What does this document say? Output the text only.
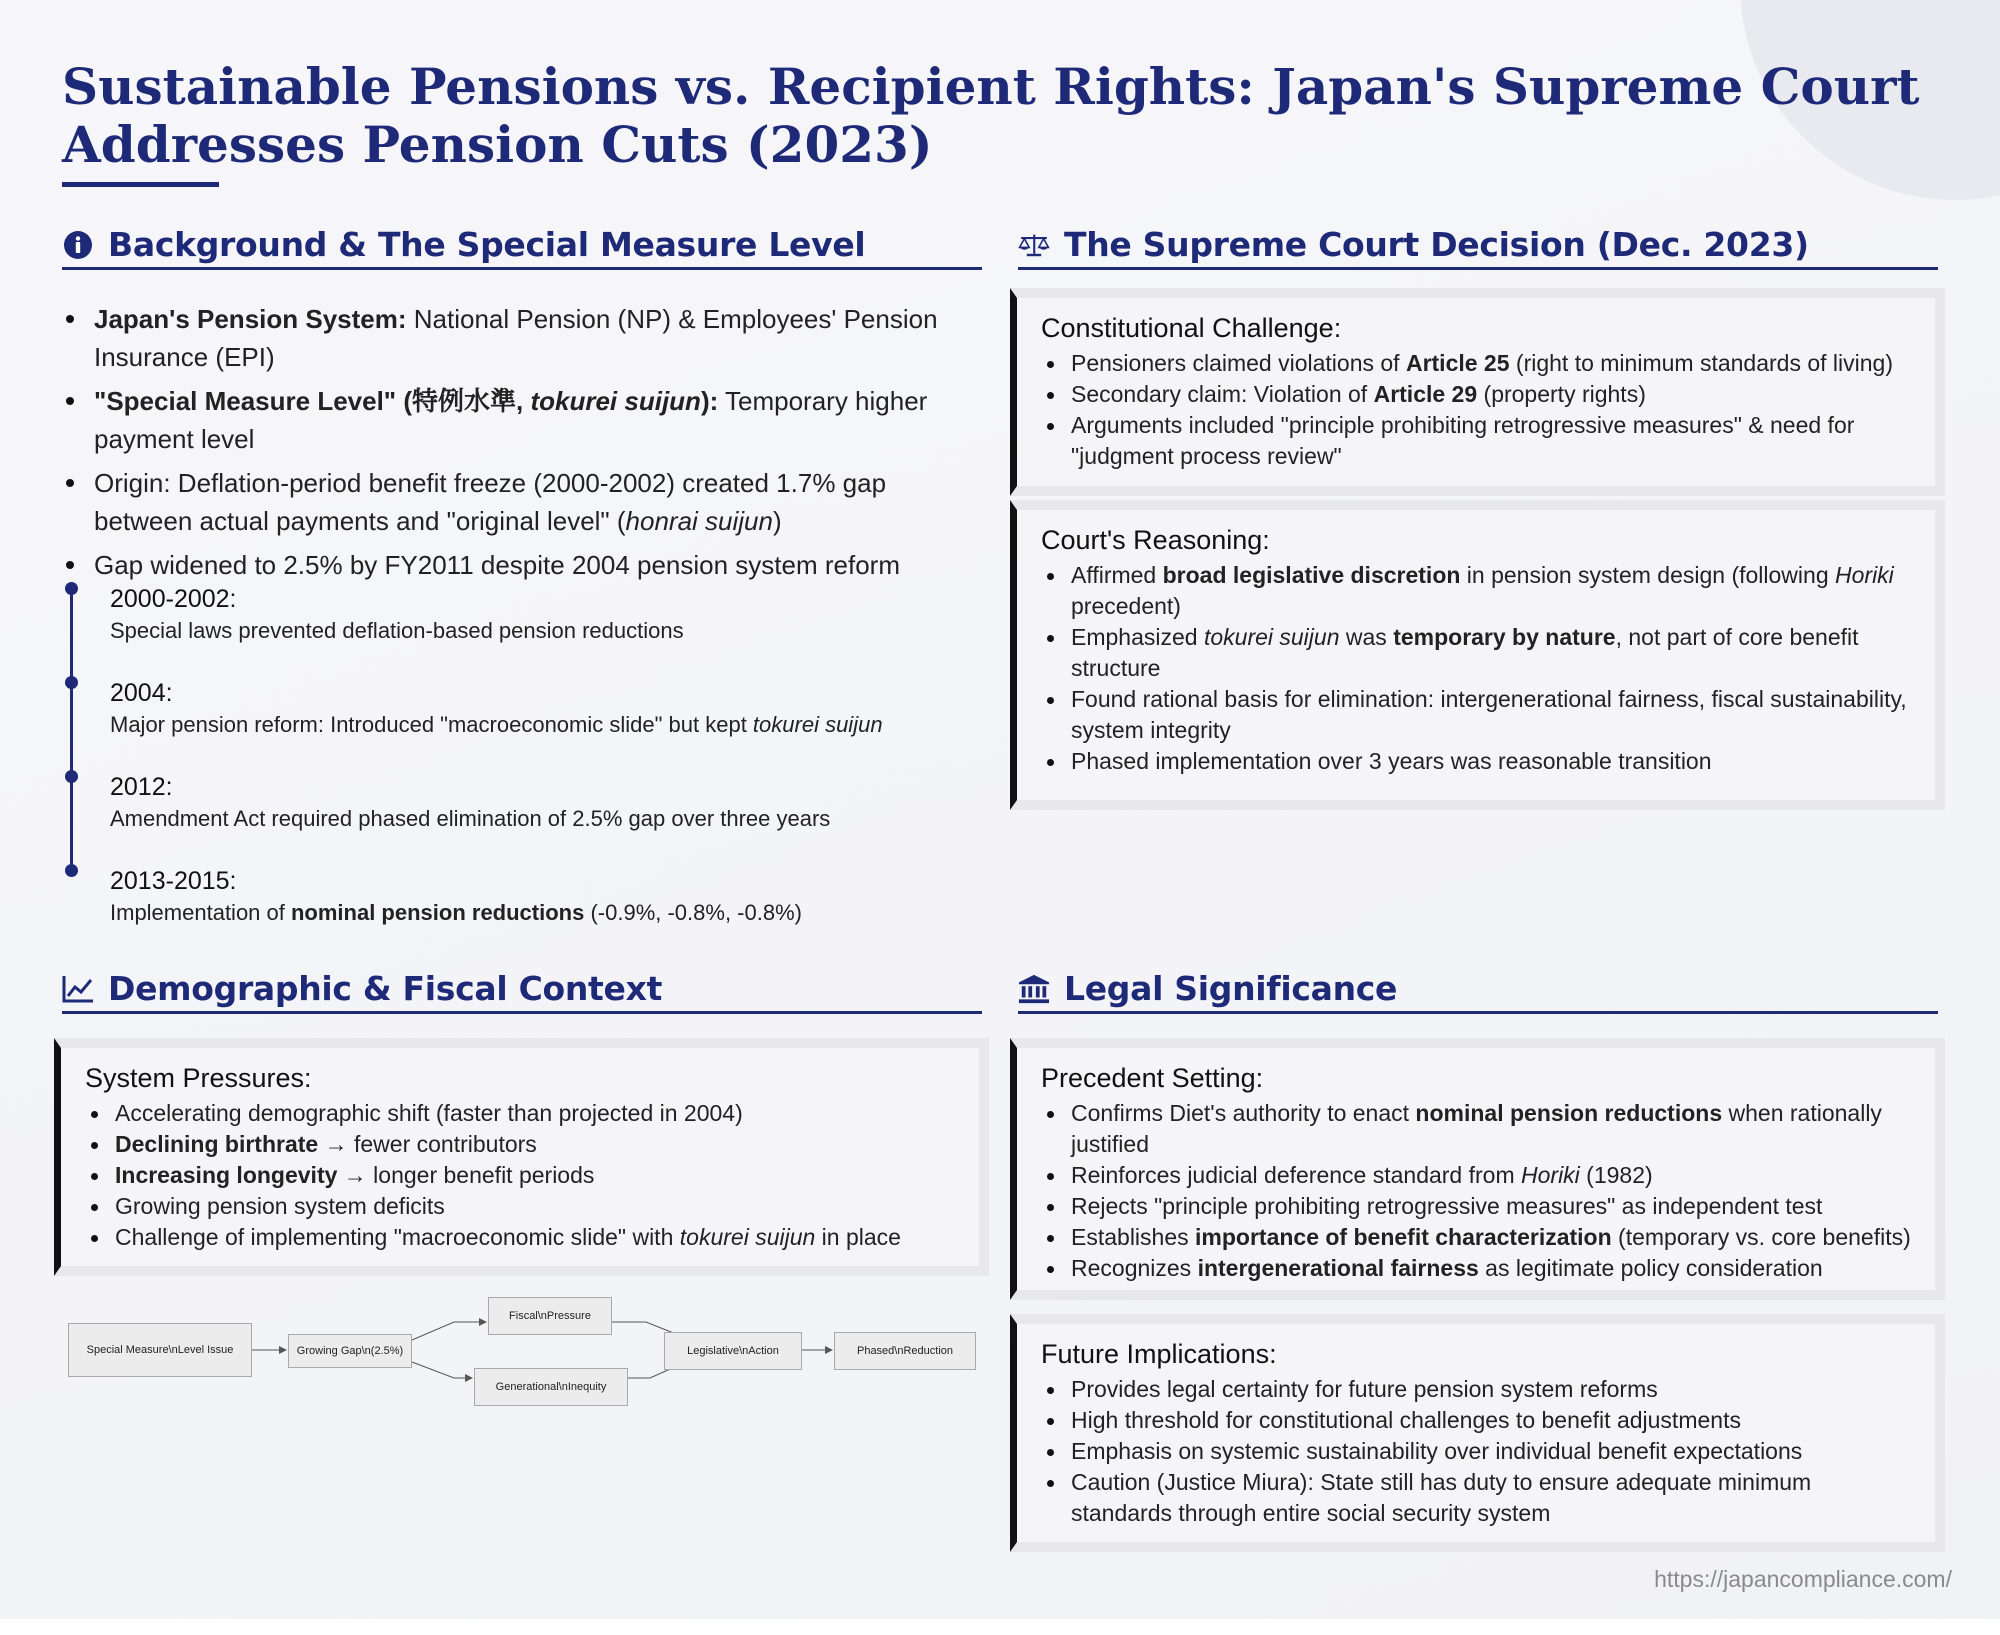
Sustainable Pensions vs. Recipient Rights: Japan's Supreme Court Addresses Pension Cuts (2023)
Background & The Special Measure Level
Japan's Pension System: National Pension (NP) & Employees' Pension Insurance (EPI)
"Special Measure Level" (特例水準, tokurei suijun): Temporary higher payment level
Origin: Deflation-period benefit freeze (2000-2002) created 1.7% gap between actual payments and "original level" (honrai suijun)
Gap widened to 2.5% by FY2011 despite 2004 pension system reform
2000-2002:
Special laws prevented deflation-based pension reductions
2004:
Major pension reform: Introduced "macroeconomic slide" but kept tokurei suijun
2012:
Amendment Act required phased elimination of 2.5% gap over three years
2013-2015:
Implementation of nominal pension reductions (-0.9%, -0.8%, -0.8%)
The Supreme Court Decision (Dec. 2023)
Constitutional Challenge:
Pensioners claimed violations of Article 25 (right to minimum standards of living)
Secondary claim: Violation of Article 29 (property rights)
Arguments included "principle prohibiting retrogressive measures" & need for "judgment process review"
Court's Reasoning:
Affirmed broad legislative discretion in pension system design (following Horiki precedent)
Emphasized tokurei suijun was temporary by nature, not part of core benefit structure
Found rational basis for elimination: intergenerational fairness, fiscal sustainability, system integrity
Phased implementation over 3 years was reasonable transition
Demographic & Fiscal Context
System Pressures:
Accelerating demographic shift (faster than projected in 2004)
Declining birthrate → fewer contributors
Increasing longevity → longer benefit periods
Growing pension system deficits
Challenge of implementing "macroeconomic slide" with tokurei suijun in place
Special Measure\nLevel Issue	Growing Gap\n(2.5%)
Fiscal\nPressure
Generational\nInequity
Legislative\nAction	Phased\nReduction
Legal Significance
Precedent Setting:
Confirms Diet's authority to enact nominal pension reductions when rationally justified
Reinforces judicial deference standard from Horiki (1982)
Rejects "principle prohibiting retrogressive measures" as independent test
Establishes importance of benefit characterization (temporary vs. core benefits)
Recognizes intergenerational fairness as legitimate policy consideration
Future Implications:
Provides legal certainty for future pension system reforms
High threshold for constitutional challenges to benefit adjustments
Emphasis on systemic sustainability over individual benefit expectations
Caution (Justice Miura): State still has duty to ensure adequate minimum standards through entire social security system
https://japancompliance.com/
